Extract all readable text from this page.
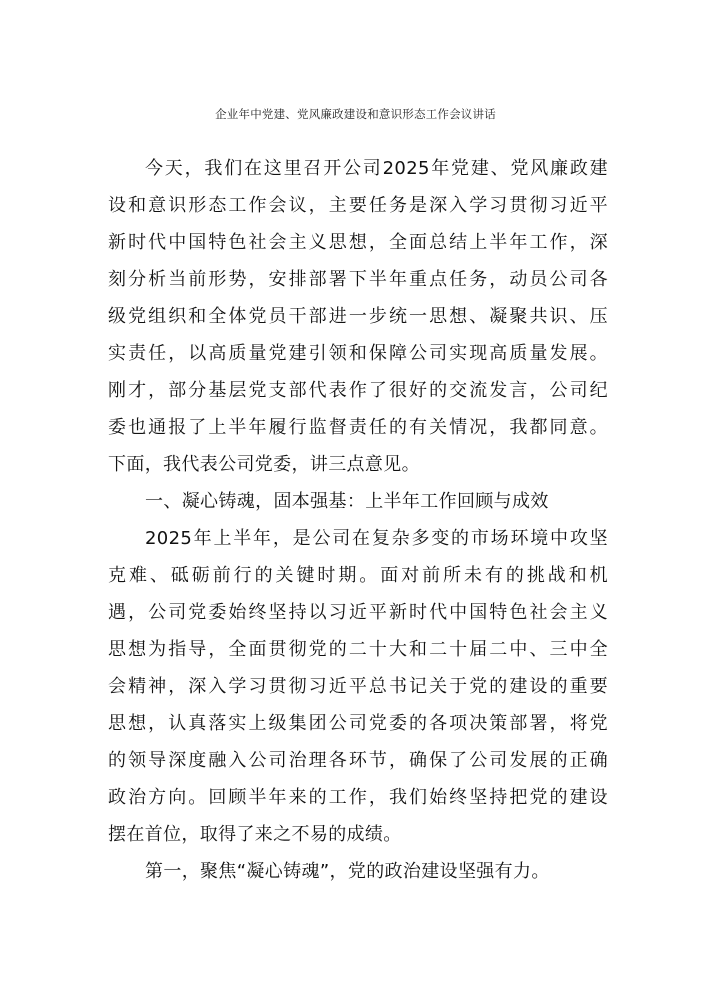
企业年中党建、党风廉政建设和意识形态工作会议讲话
今天，我们在这里召开公司2025年党建、党风廉政建
设和意识形态工作会议，主要任务是深入学习贯彻习近平
新时代中国特色社会主义思想，全面总结上半年工作，深
刻分析当前形势，安排部署下半年重点任务，动员公司各
级党组织和全体党员干部进一步统一思想、凝聚共识、压
实责任，以高质量党建引领和保障公司实现高质量发展。
刚才，部分基层党支部代表作了很好的交流发言，公司纪
委也通报了上半年履行监督责任的有关情况，我都同意。
下面，我代表公司党委，讲三点意见。
一、凝心铸魂，固本强基：上半年工作回顾与成效
2025年上半年，是公司在复杂多变的市场环境中攻坚
克难、砥砺前行的关键时期。面对前所未有的挑战和机
遇，公司党委始终坚持以习近平新时代中国特色社会主义
思想为指导，全面贯彻党的二十大和二十届二中、三中全
会精神，深入学习贯彻习近平总书记关于党的建设的重要
思想，认真落实上级集团公司党委的各项决策部署，将党
的领导深度融入公司治理各环节，确保了公司发展的正确
政治方向。回顾半年来的工作，我们始终坚持把党的建设
摆在首位，取得了来之不易的成绩。
第一，聚焦“凝心铸魂”，党的政治建设坚强有力。
